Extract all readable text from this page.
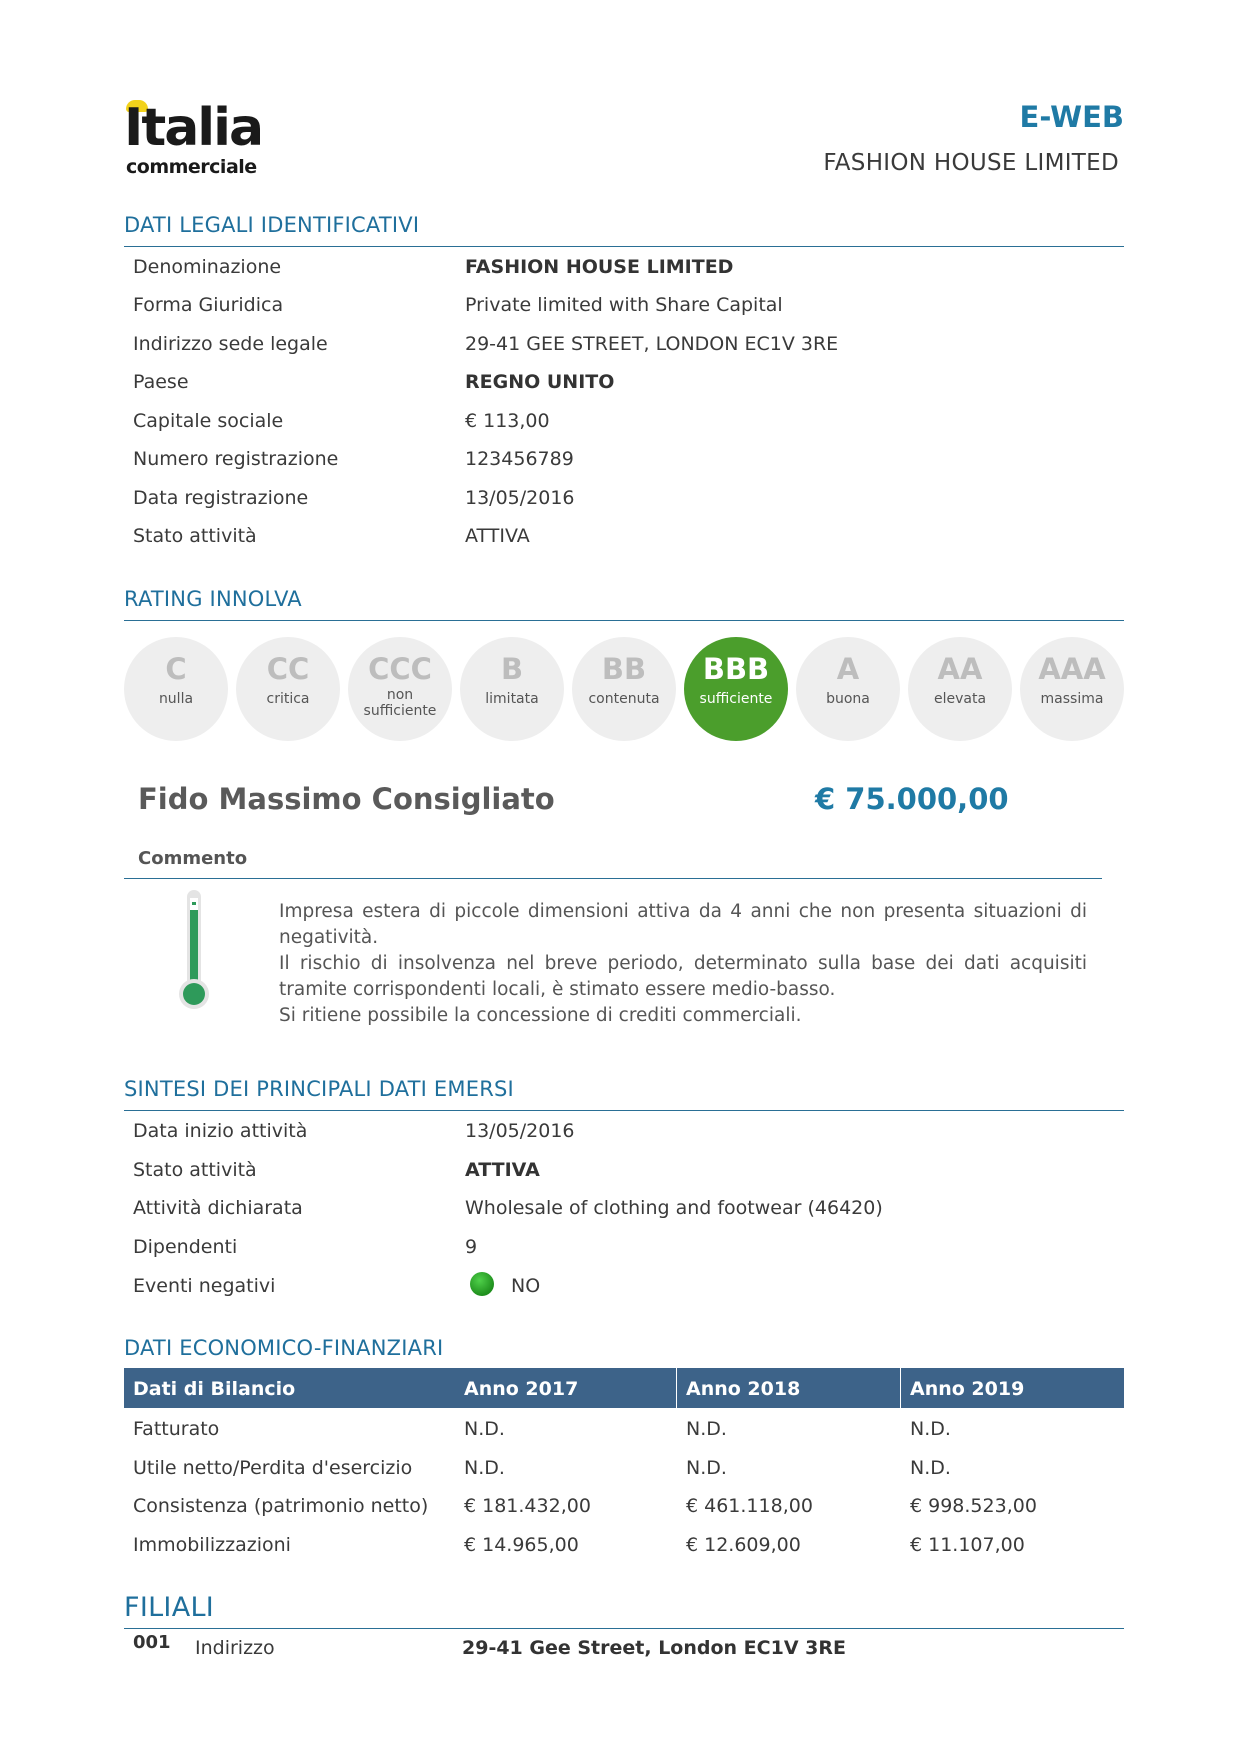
Italia
commerciale
E-WEB
FASHION HOUSE LIMITED
DATI LEGALI IDENTIFICATIVI
Denominazione	FASHION HOUSE LIMITED
Forma Giuridica	Private limited with Share Capital
Indirizzo sede legale	29-41 GEE STREET, LONDON EC1V 3RE
Paese	REGNO UNITO
Capitale sociale	€ 113,00
Numero registrazione	123456789
Data registrazione	13/05/2016
Stato attività	ATTIVA
RATING INNOLVA
C
nulla
CC
critica
CCC
non sufficiente
B
limitata
BB
contenuta
BBB
sufficiente
A
buona
AA
elevata
AAA
massima
Fido Massimo Consigliato	€ 75.000,00
Commento

Impresa estera di piccole dimensioni attiva da 4 anni che non presenta situazioni di negatività.

Il rischio di insolvenza nel breve periodo, determinato sulla base dei dati acquisiti tramite corrispondenti locali, è stimato essere medio-basso.

Si ritiene possibile la concessione di crediti commerciali.

SINTESI DEI PRINCIPALI DATI EMERSI
Data inizio attività	13/05/2016
Stato attività	ATTIVA
Attività dichiarata	Wholesale of clothing and footwear (46420)
Dipendenti	9
Eventi negativi	NO
DATI ECONOMICO-FINANZIARI
Dati di Bilancio	Anno 2017	Anno 2018	Anno 2019
Fatturato	N.D.	N.D.	N.D.
Utile netto/Perdita d'esercizio	N.D.	N.D.	N.D.
Consistenza (patrimonio netto) € 181.432,00	€ 461.118,00	€ 998.523,00
Immobilizzazioni	€ 14.965,00	€ 12.609,00	€ 11.107,00
FILIALI
001 Indirizzo	29-41 Gee Street, London EC1V 3RE
